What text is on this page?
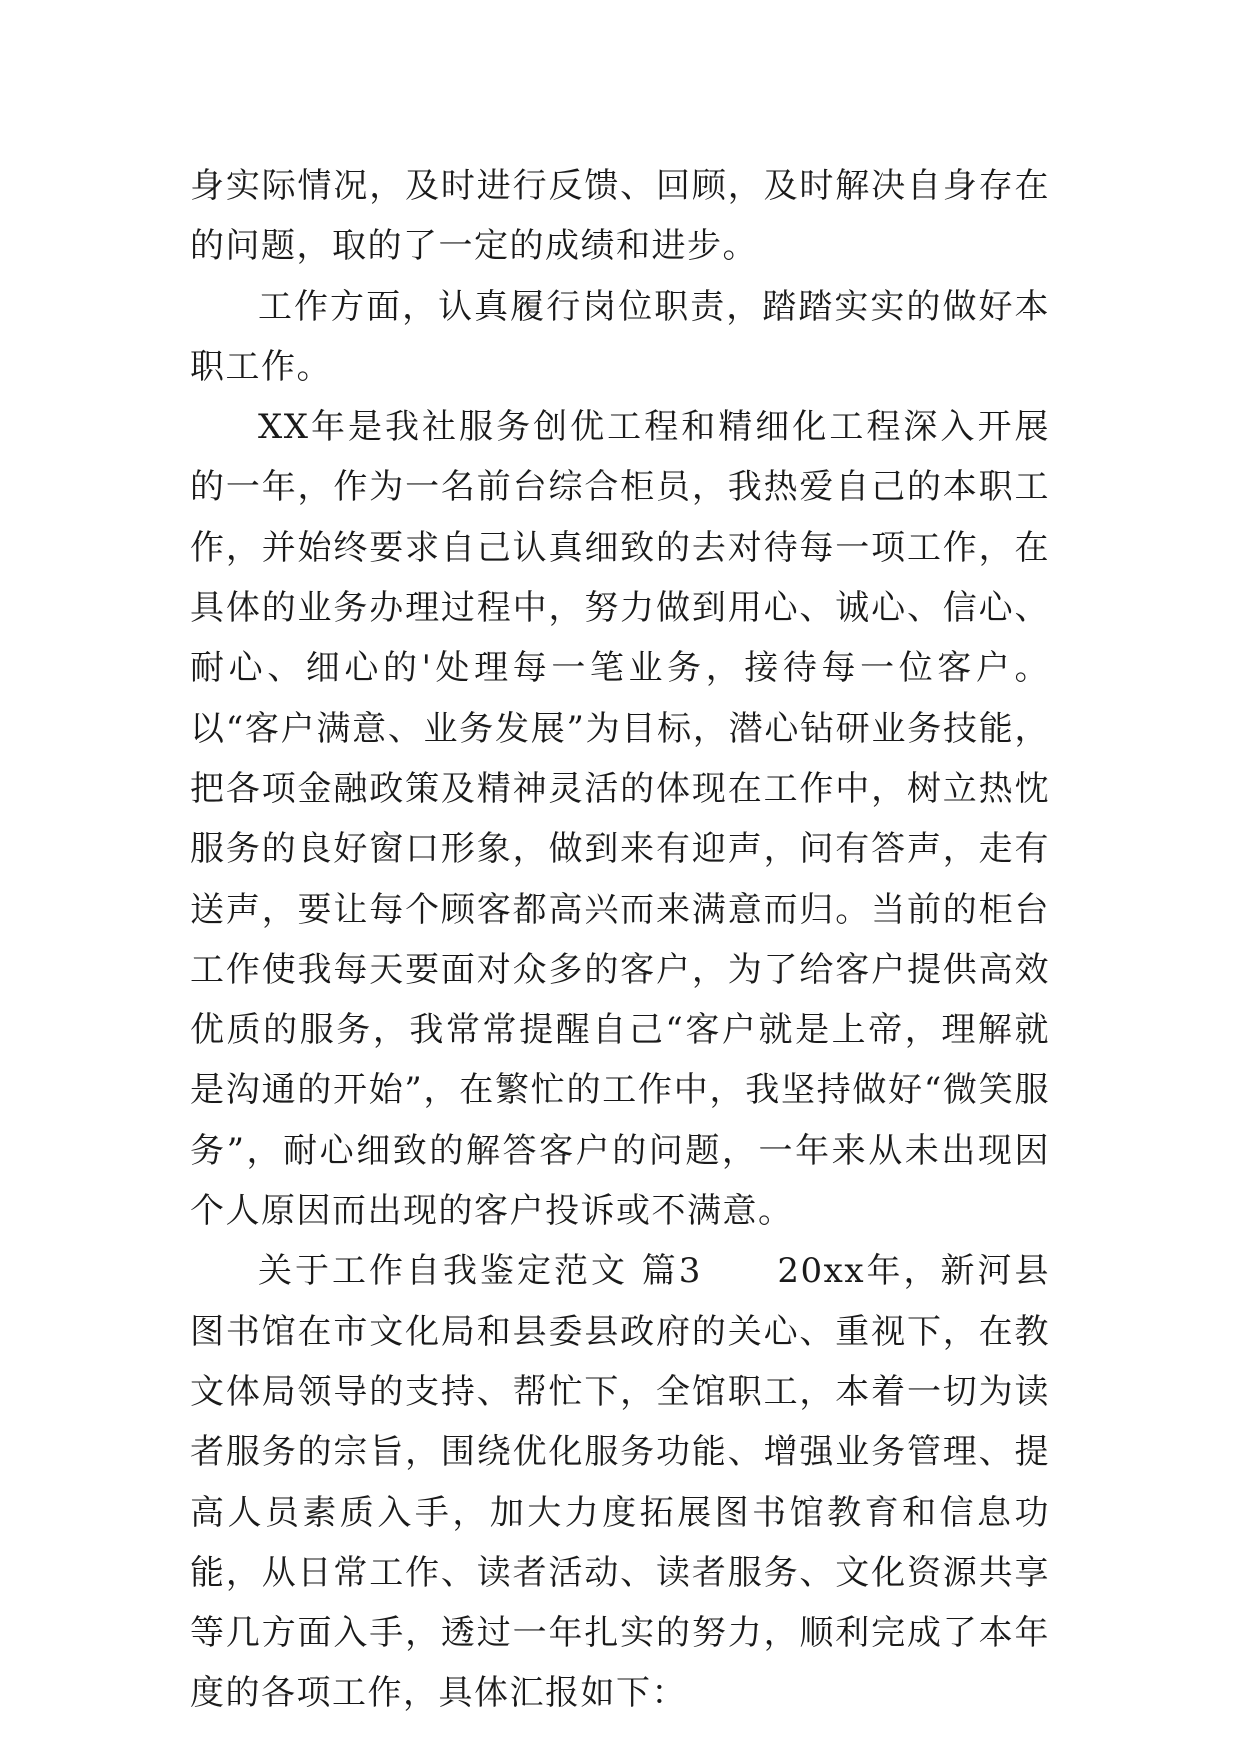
身实际情况，及时进行反馈、回顾，及时解决自身存在的问题，取的了一定的成绩和进步。

工作方面，认真履行岗位职责，踏踏实实的做好本职工作。

XX年是我社服务创优工程和精细化工程深入开展的一年，作为一名前台综合柜员，我热爱自己的本职工作，并始终要求自己认真细致的去对待每一项工作，在具体的业务办理过程中，努力做到用心、诚心、信心、耐心、细心的'处理每一笔业务，接待每一位客户。以“客户满意、业务发展”为目标，潜心钻研业务技能，把各项金融政策及精神灵活的体现在工作中，树立热忱服务的良好窗口形象，做到来有迎声，问有答声，走有送声，要让每个顾客都高兴而来满意而归。当前的柜台工作使我每天要面对众多的客户，为了给客户提供高效优质的服务，我常常提醒自己“客户就是上帝，理解就是沟通的开始”，在繁忙的工作中，我坚持做好“微笑服务”，耐心细致的解答客户的问题，一年来从未出现因个人原因而出现的客户投诉或不满意。

关于工作自我鉴定范文 篇3　　20xx年，新河县图书馆在市文化局和县委县政府的关心、重视下，在教文体局领导的支持、帮忙下，全馆职工，本着一切为读者服务的宗旨，围绕优化服务功能、增强业务管理、提高人员素质入手，加大力度拓展图书馆教育和信息功能，从日常工作、读者活动、读者服务、文化资源共享等几方面入手，透过一年扎实的努力，顺利完成了本年度的各项工作，具体汇报如下：
